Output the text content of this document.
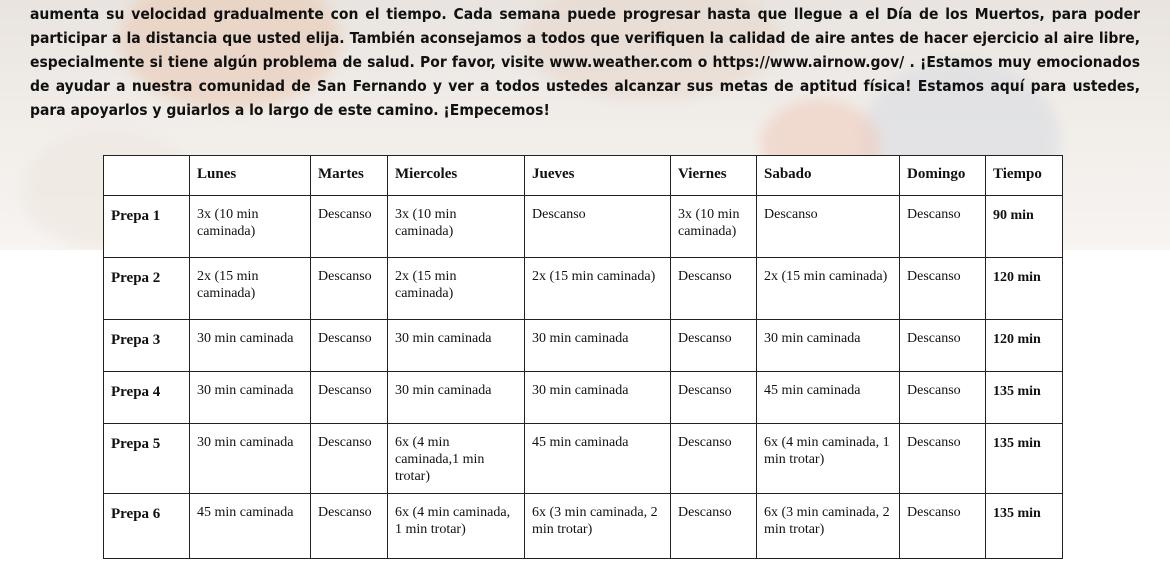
aumenta su velocidad gradualmente con el tiempo. Cada semana puede progresar hasta que llegue a el Día de los Muertos, para poder participar a la distancia que usted elija. También aconsejamos a todos que verifiquen la calidad de aire antes de hacer ejercicio al aire libre, especialmente si tiene algún problema de salud. Por favor, visite www.weather.com o https://www.airnow.gov/ . ¡Estamos muy emocionados de ayudar a nuestra comunidad de San Fernando y ver a todos ustedes alcanzar sus metas de aptitud física! Estamos aquí para ustedes, para apoyarlos y guiarlos a lo largo de este camino. ¡Empecemos!

	Lunes	Martes	Miercoles	Jueves	Viernes	Sabado	Domingo	Tiempo
Prepa 1	3x (10 min caminada)	Descanso	3x (10 min caminada)	Descanso	3x (10 min caminada)	Descanso	Descanso	90 min
Prepa 2	2x (15 min caminada)	Descanso	2x (15 min caminada)	2x (15 min caminada)	Descanso	2x (15 min caminada)	Descanso	120 min
Prepa 3	30 min caminada	Descanso	30 min caminada	30 min caminada	Descanso	30 min caminada	Descanso	120 min
Prepa 4	30 min caminada	Descanso	30 min caminada	30 min caminada	Descanso	45 min caminada	Descanso	135 min
Prepa 5	30 min caminada	Descanso	6x (4 min caminada,1 min trotar)	45 min caminada	Descanso	6x (4 min caminada, 1 min trotar)	Descanso	135 min
Prepa 6	45 min caminada	Descanso	6x (4 min caminada, 1 min trotar)	6x (3 min caminada, 2 min trotar)	Descanso	6x (3 min caminada, 2 min trotar)	Descanso	135 min
